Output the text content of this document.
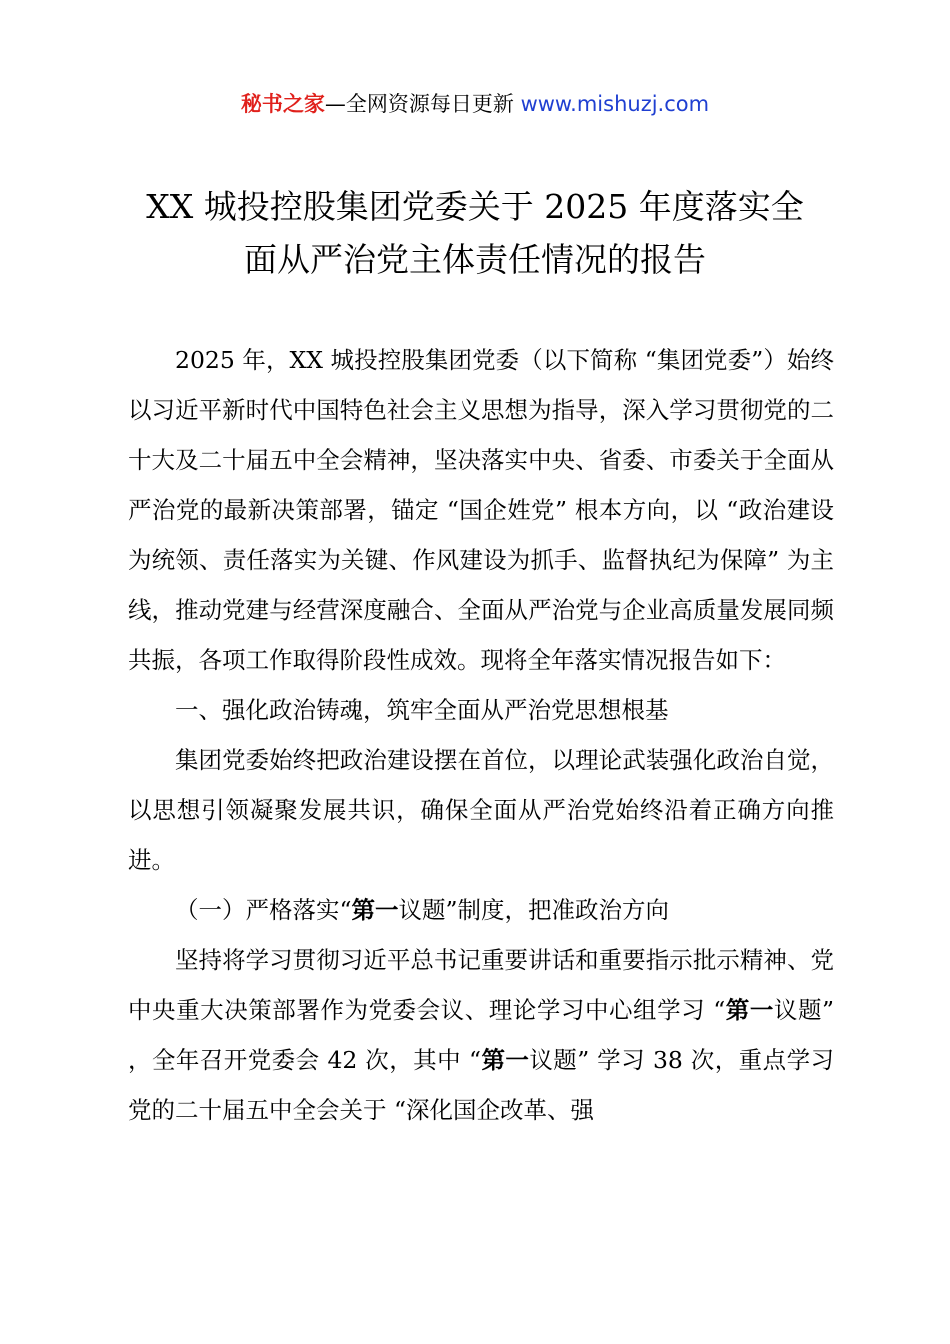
秘书之家—全网资源每日更新 www.mishuzj.com
XX 城投控股集团党委关于 2025 年度落实全
面从严治党主体责任情况的报告

2025 年，XX 城投控股集团党委（以下简称 “集团党委”）始终以习近平新时代中国特色社会主义思想为指导，深入学习贯彻党的二十大及二十届五中全会精神，坚决落实中央、省委、市委关于全面从严治党的最新决策部署，锚定 “国企姓党” 根本方向，以 “政治建设为统领、责任落实为关键、作风建设为抓手、监督执纪为保障” 为主线，推动党建与经营深度融合、全面从严治党与企业高质量发展同频共振，各项工作取得阶段性成效。现将全年落实情况报告如下：

一、强化政治铸魂，筑牢全面从严治党思想根基

集团党委始终把政治建设摆在首位，以理论武装强化政治自觉，以思想引领凝聚发展共识，确保全面从严治党始终沿着正确方向推进。

（一）严格落实“第一议题”制度，把准政治方向

坚持将学习贯彻习近平总书记重要讲话和重要指示批示精神、党中央重大决策部署作为党委会议、理论学习中心组学习 “第一议题” ，全年召开党委会 42 次，其中 “第一议题” 学习 38 次，重点学习党的二十届五中全会关于 “深化国企改革、强
